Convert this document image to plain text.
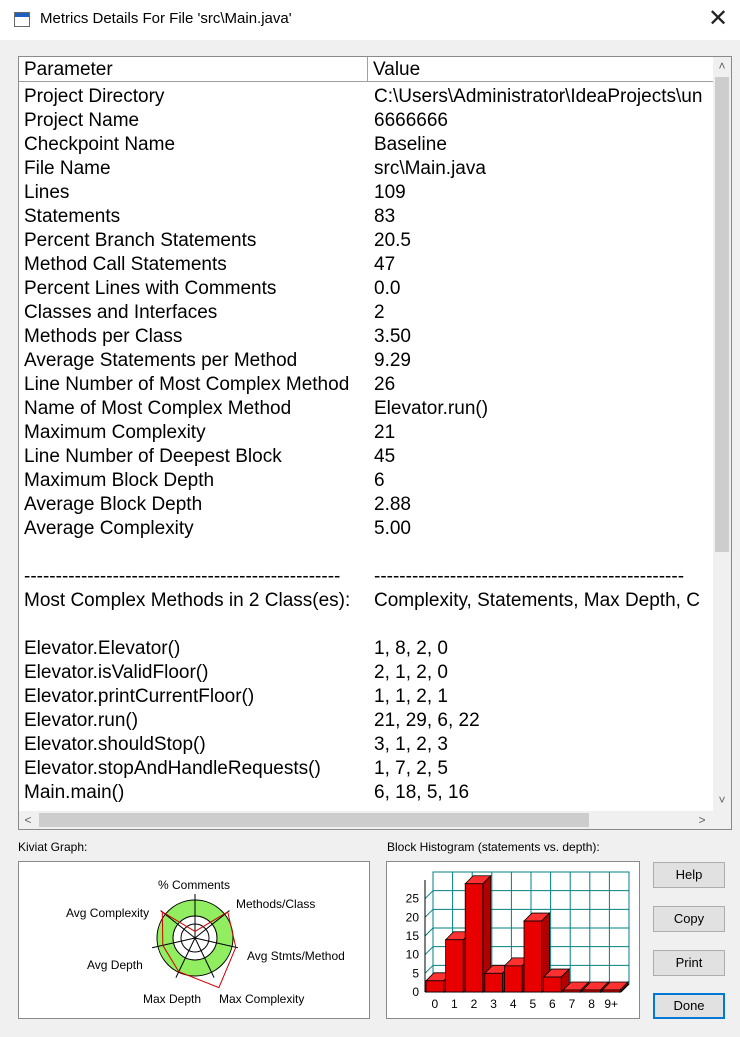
Metrics Details For File 'src\Main.java'	✕
Parameter	Value
Project Directory	C:\Users\Administrator\IdeaProjects\un
Project Name	6666666
Checkpoint Name	Baseline
File Name	src\Main.java
Lines	109
Statements	83
Percent Branch Statements	20.5
Method Call Statements	47
Percent Lines with Comments	0.0
Classes and Interfaces	2
Methods per Class	3.50
Average Statements per Method	9.29
Line Number of Most Complex Method 26
Name of Most Complex Method	Elevator.run()
Maximum Complexity	21
Line Number of Deepest Block	45
Maximum Block Depth	6
Average Block Depth	2.88
Average Complexity	5.00
-------------------------------------------------- -------------------------------------------------
Most Complex Methods in 2 Class(es): Complexity, Statements, Max Depth, C
Elevator.Elevator()	1, 8, 2, 0
Elevator.isValidFloor()	2, 1, 2, 0
Elevator.printCurrentFloor()	1, 1, 2, 1
Elevator.run()	21, 29, 6, 22
Elevator.shouldStop()	3, 1, 2, 3
Elevator.stopAndHandleRequests()	1, 7, 2, 5
Main.main()	6, 18, 5, 16
˄
˅
<	>
Kiviat Graph:
% Comments
Methods/Class
Avg Stmts/Method
Max Complexity
Max Depth
Avg Depth
Avg Complexity
Block Histogram (statements vs. depth):
0
5
10
15
20
25
0 1 2 3 4 5 6 7 8 9+
Help
Copy
Print
Done
